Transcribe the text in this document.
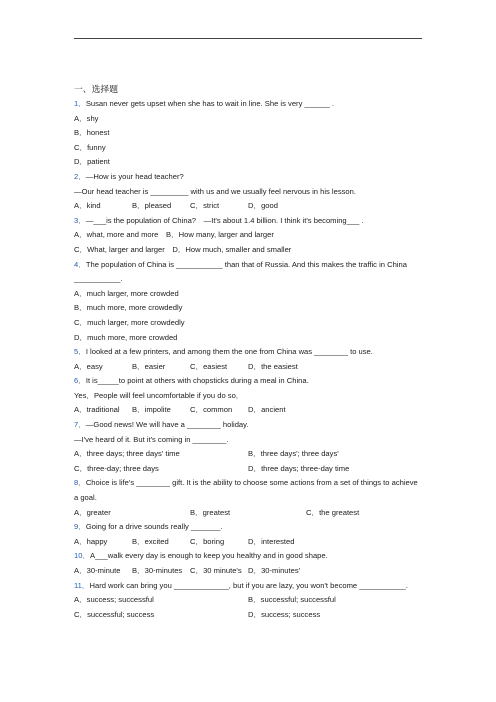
一、选择题
1．Susan never gets upset when she has to wait in line. She is very ______ .
A．shy
B．honest
C．funny
D．patient
2．—How is your head teacher?
—Our head teacher is _________ with us and we usually feel nervous in his lesson.
A．kind	B．pleased	C．strict	D．good
3．—___is the population of China?　—It's about 1.4 billion. I think it's becoming___ .
A．what, more and more　B．How many, larger and larger
C．What, larger and larger　D．How much, smaller and smaller
4．The population of China is ___________ than that of Russia. And this makes the traffic in China ___________.
A．much larger, more crowded
B．much more, more crowdedly
C．much larger, more crowdedly
D．much more, more crowded
5．I looked at a few printers, and among them the one from China was ________ to use.
A．easy	B．easier	C．easiest	D．the easiest
6．It is_____to point at others with chopsticks during a meal in China.
Yes．People will feel uncomfortable if you do so．
A．traditional	B．impolite	C．common	D．ancient
7．—Good news! We will have a ________ holiday.
—I've heard of it. But it's coming in ________.
A．three days; three days' time	B．three days'; three days'
C．three-day; three days	D．three days; three-day time
8．Choice is life's ________ gift. It is the ability to choose some actions from a set of things to achieve a goal.
A．greater	B．greatest	C．the greatest
9．Going for a drive sounds really _______.
A．happy	B．excited	C．boring	D．interested
10．A___walk every day is enough to keep you healthy and in good shape.
A．30-minute	B．30-minutes	C．30 minute's D．30-minutes'
11．Hard work can bring you _____________, but if you are lazy, you won't become ___________.
A．success; successful	B．successful; successful
C．successful; success	D．success; success
